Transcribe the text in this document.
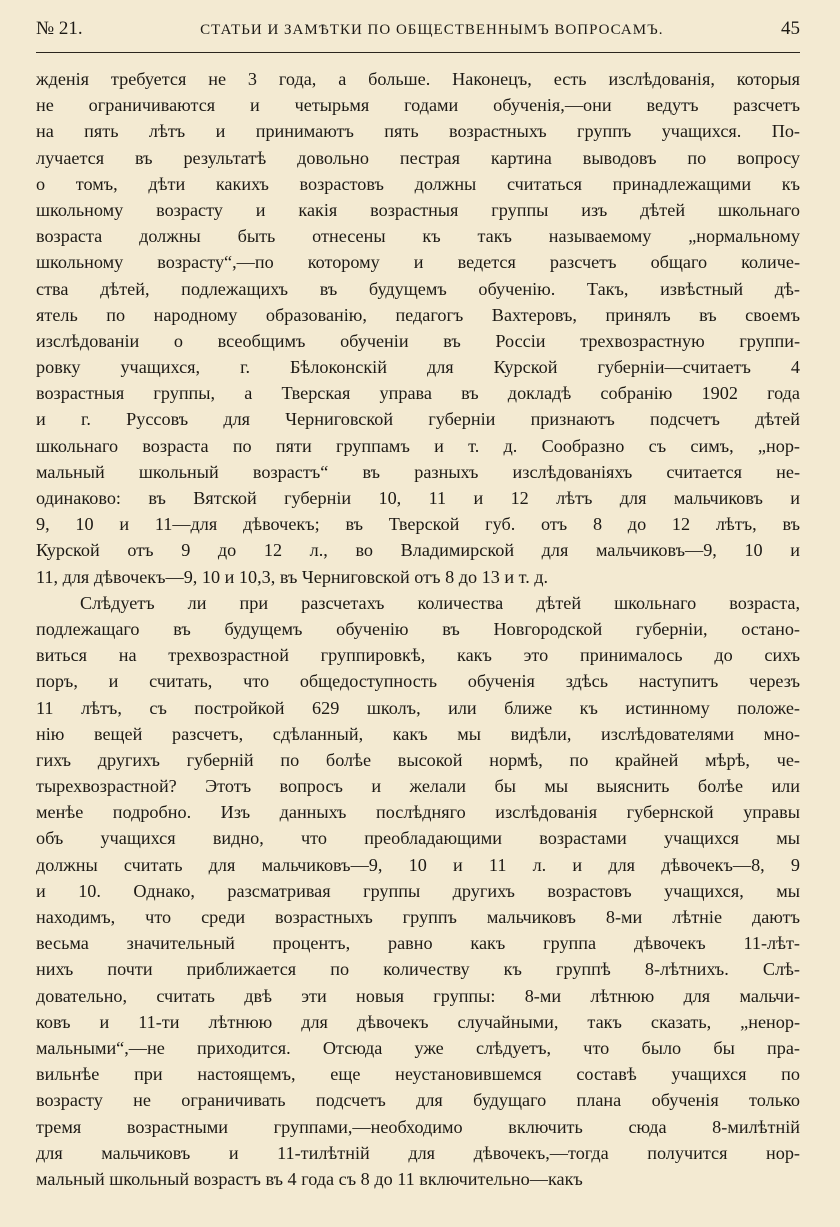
№ 21.	СТАТЬИ И ЗАМѢТКИ ПО ОБЩЕСТВЕННЫМЪ ВОПРОСАМЪ.	45
жденія требуется не 3 года, а больше. Наконецъ, есть изслѣдованія, которыя
не ограничиваются и четырьмя годами обученія,—они ведутъ разсчетъ
на пять лѣтъ и принимаютъ пять возрастныхъ группъ учащихся. По-
лучается въ результатѣ довольно пестрая картина выводовъ по вопросу
о томъ, дѣти какихъ возрастовъ должны считаться принадлежащими къ
школьному возрасту и какія возрастныя группы изъ дѣтей школьнаго
возраста должны быть отнесены къ такъ называемому „нормальному
школьному возрасту“,—по которому и ведется разсчетъ общаго количе-
ства дѣтей, подлежащихъ въ будущемъ обученію. Такъ, извѣстный дѣ-
ятель по народному образованію, педагогъ Вахтеровъ, принялъ въ своемъ
изслѣдованіи о всеобщимъ обученіи въ Россіи трехвозрастную группи-
ровку учащихся, г. Бѣлоконскій для Курской губерніи—считаетъ 4
возрастныя группы, а Тверская управа въ докладѣ собранію 1902 года
и г. Руссовъ для Черниговской губерніи признаютъ подсчетъ дѣтей
школьнаго возраста по пяти группамъ и т. д. Сообразно съ симъ, „нор-
мальный школьный возрастъ“ въ разныхъ изслѣдованіяхъ считается не-
одинаково: въ Вятской губерніи 10, 11 и 12 лѣтъ для мальчиковъ и
9, 10 и 11—для дѣвочекъ; въ Тверской губ. отъ 8 до 12 лѣтъ, въ
Курской отъ 9 до 12 л., во Владимирской для мальчиковъ—9, 10 и
11, для дѣвочекъ—9, 10 и 10,3, въ Черниговской отъ 8 до 13 и т. д.
Слѣдуетъ ли при разсчетахъ количества дѣтей школьнаго возраста,
подлежащаго въ будущемъ обученію въ Новгородской губерніи, остано-
виться на трехвозрастной группировкѣ, какъ это принималось до сихъ
поръ, и считать, что общедоступность обученія здѣсь наступитъ черезъ
11 лѣтъ, съ постройкой 629 школъ, или ближе къ истинному положе-
нію вещей разсчетъ, сдѣланный, какъ мы видѣли, изслѣдователями мно-
гихъ другихъ губерній по болѣе высокой нормѣ, по крайней мѣрѣ, че-
тырехвозрастной? Этотъ вопросъ и желали бы мы выяснить болѣе или
менѣе подробно. Изъ данныхъ послѣдняго изслѣдованія губернской управы
объ учащихся видно, что преобладающими возрастами учащихся мы
должны считать для мальчиковъ—9, 10 и 11 л. и для дѣвочекъ—8, 9
и 10. Однако, разсматривая группы другихъ возрастовъ учащихся, мы
находимъ, что среди возрастныхъ группъ мальчиковъ 8-ми лѣтніе даютъ
весьма значительный процентъ, равно какъ группа дѣвочекъ 11-лѣт-
нихъ почти приближается по количеству къ группѣ 8-лѣтнихъ. Слѣ-
довательно, считать двѣ эти новыя группы: 8-ми лѣтнюю для мальчи-
ковъ и 11-ти лѣтнюю для дѣвочекъ случайными, такъ сказать, „ненор-
мальными“,—не приходится. Отсюда уже слѣдуетъ, что было бы пра-
вильнѣе при настоящемъ, еще неустановившемся составѣ учащихся по
возрасту не ограничивать подсчетъ для будущаго плана обученія только
тремя возрастными группами,—необходимо включить сюда 8-милѣтній
для мальчиковъ и 11-тилѣтній для дѣвочекъ,—тогда получится нор-
мальный школьный возрастъ въ 4 года съ 8 до 11 включительно—какъ
